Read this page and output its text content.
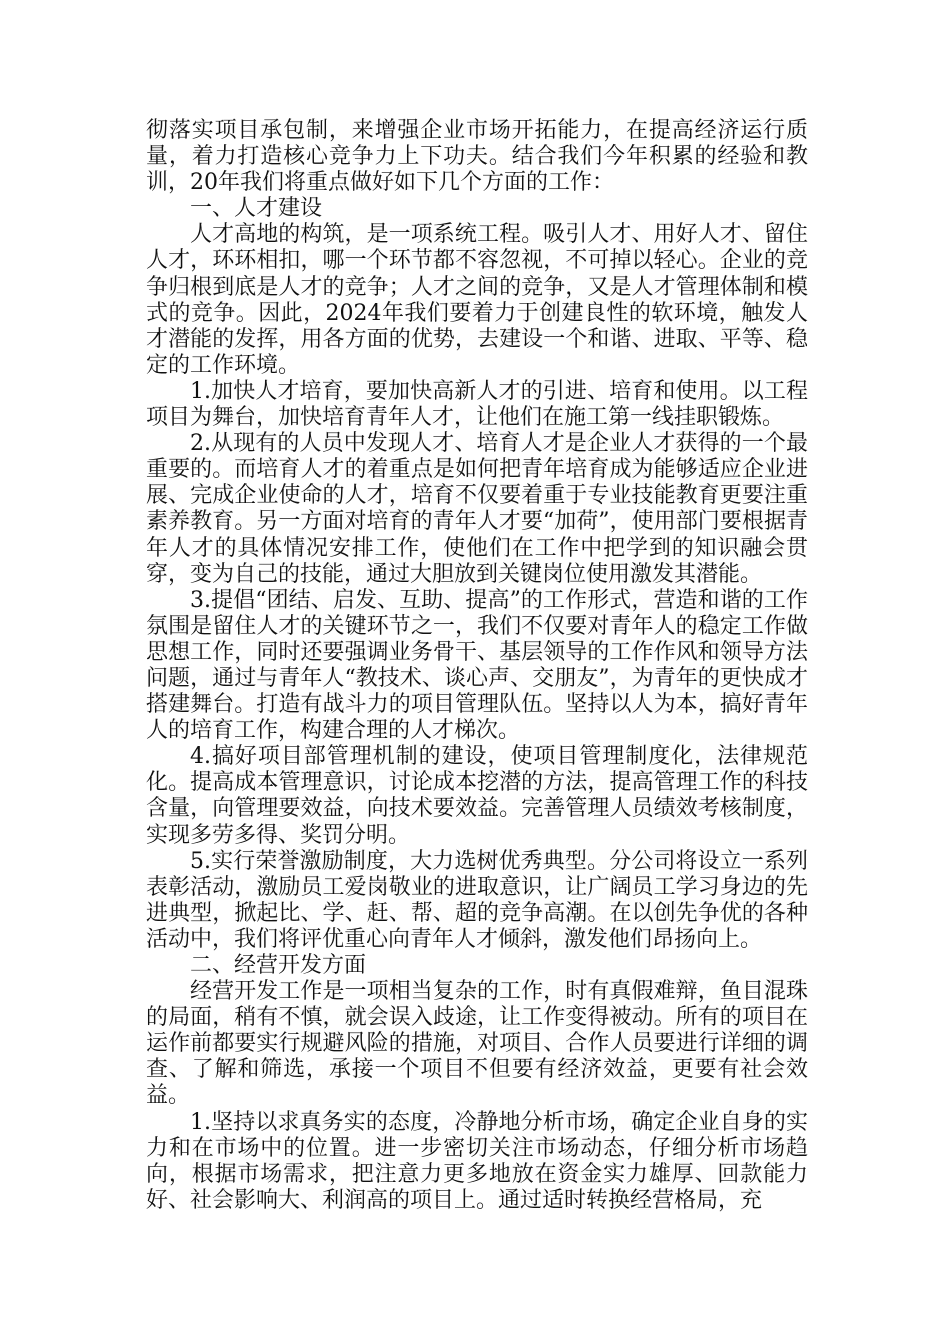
彻落实项目承包制，来增强企业市场开拓能力，在提高经济运行质量，着力打造核心竞争力上下功夫。结合我们今年积累的经验和教训，20年我们将重点做好如下几个方面的工作：

一、人才建设

人才高地的构筑，是一项系统工程。吸引人才、用好人才、留住人才，环环相扣，哪一个环节都不容忽视，不可掉以轻心。企业的竞争归根到底是人才的竞争；人才之间的竞争，又是人才管理体制和模式的竞争。因此，2024年我们要着力于创建良性的软环境，触发人才潜能的发挥，用各方面的优势，去建设一个和谐、进取、平等、稳定的工作环境。

1.加快人才培育，要加快高新人才的引进、培育和使用。以工程项目为舞台，加快培育青年人才，让他们在施工第一线挂职锻炼。

2.从现有的人员中发现人才、培育人才是企业人才获得的一个最重要的。而培育人才的着重点是如何把青年培育成为能够适应企业进展、完成企业使命的人才，培育不仅要着重于专业技能教育更要注重素养教育。另一方面对培育的青年人才要“加荷”，使用部门要根据青年人才的具体情况安排工作，使他们在工作中把学到的知识融会贯穿，变为自己的技能，通过大胆放到关键岗位使用激发其潜能。

3.提倡“团结、启发、互助、提高”的工作形式，营造和谐的工作氛围是留住人才的关键环节之一，我们不仅要对青年人的稳定工作做思想工作，同时还要强调业务骨干、基层领导的工作作风和领导方法问题，通过与青年人“教技术、谈心声、交朋友”，为青年的更快成才搭建舞台。打造有战斗力的项目管理队伍。坚持以人为本，搞好青年人的培育工作，构建合理的人才梯次。

4.搞好项目部管理机制的建设，使项目管理制度化，法律规范化。提高成本管理意识，讨论成本挖潜的方法，提高管理工作的科技含量，向管理要效益，向技术要效益。完善管理人员绩效考核制度，实现多劳多得、奖罚分明。

5.实行荣誉激励制度，大力选树优秀典型。分公司将设立一系列表彰活动，激励员工爱岗敬业的进取意识，让广阔员工学习身边的先进典型，掀起比、学、赶、帮、超的竞争高潮。在以创先争优的各种活动中，我们将评优重心向青年人才倾斜，激发他们昂扬向上。

二、经营开发方面

经营开发工作是一项相当复杂的工作，时有真假难辩，鱼目混珠的局面，稍有不慎，就会误入歧途，让工作变得被动。所有的项目在运作前都要实行规避风险的措施，对项目、合作人员要进行详细的调查、了解和筛选，承接一个项目不但要有经济效益，更要有社会效益。

1.坚持以求真务实的态度，冷静地分析市场，确定企业自身的实力和在市场中的位置。进一步密切关注市场动态，仔细分析市场趋向，根据市场需求，把注意力更多地放在资金实力雄厚、回款能力好、社会影响大、利润高的项目上。通过适时转换经营格局，充
